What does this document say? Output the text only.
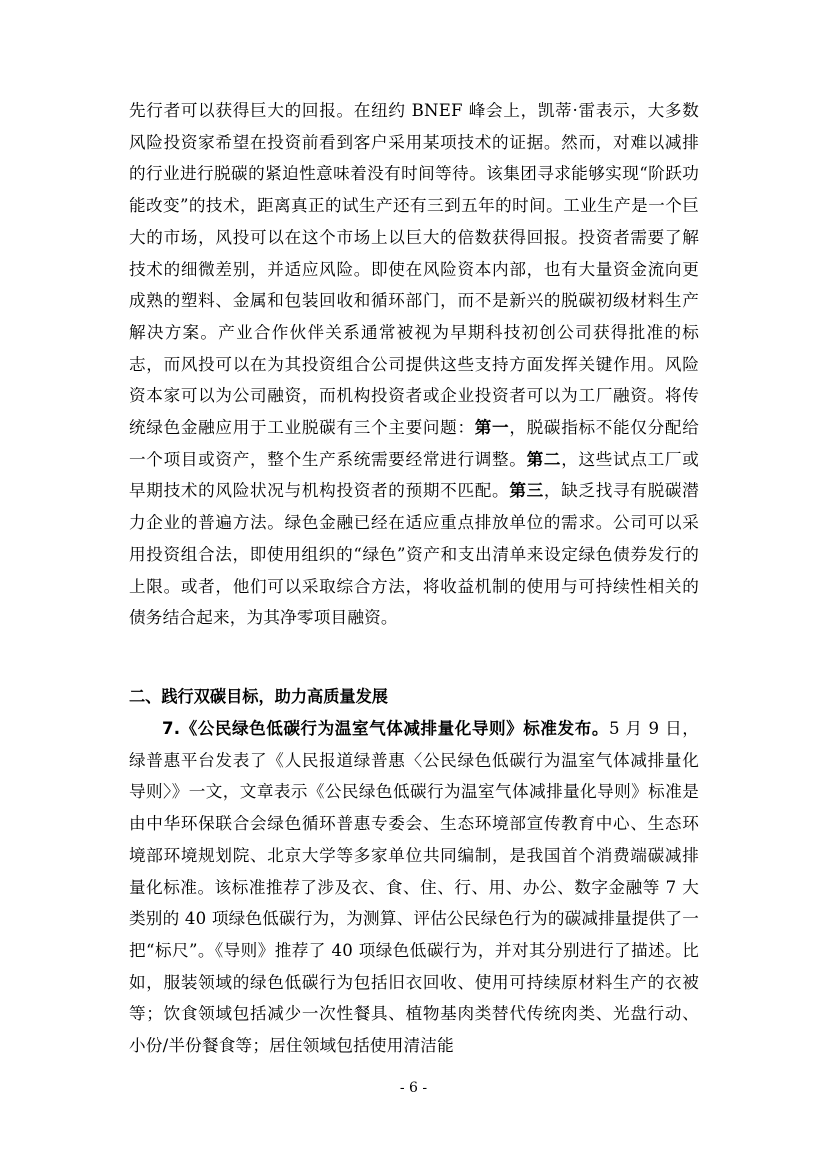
先行者可以获得巨大的回报。在纽约 BNEF 峰会上，凯蒂·雷表示，大多数风险投资家希望在投资前看到客户采用某项技术的证据。然而，对难以减排的行业进行脱碳的紧迫性意味着没有时间等待。该集团寻求能够实现“阶跃功能改变”的技术，距离真正的试生产还有三到五年的时间。工业生产是一个巨大的市场，风投可以在这个市场上以巨大的倍数获得回报。投资者需要了解技术的细微差别，并适应风险。即使在风险资本内部，也有大量资金流向更成熟的塑料、金属和包装回收和循环部门，而不是新兴的脱碳初级材料生产解决方案。产业合作伙伴关系通常被视为早期科技初创公司获得批准的标志，而风投可以在为其投资组合公司提供这些支持方面发挥关键作用。风险资本家可以为公司融资，而机构投资者或企业投资者可以为工厂融资。将传统绿色金融应用于工业脱碳有三个主要问题：第一，脱碳指标不能仅分配给一个项目或资产，整个生产系统需要经常进行调整。第二，这些试点工厂或早期技术的风险状况与机构投资者的预期不匹配。第三，缺乏找寻有脱碳潜力企业的普遍方法。绿色金融已经在适应重点排放单位的需求。公司可以采用投资组合法，即使用组织的“绿色”资产和支出清单来设定绿色债券发行的上限。或者，他们可以采取综合方法，将收益机制的使用与可持续性相关的债务结合起来，为其净零项目融资。

二、践行双碳目标，助力高质量发展

7.《公民绿色低碳行为温室气体减排量化导则》标准发布。5 月 9 日，绿普惠平台发表了《人民报道绿普惠〈公民绿色低碳行为温室气体减排量化导则〉》一文，文章表示《公民绿色低碳行为温室气体减排量化导则》标准是由中华环保联合会绿色循环普惠专委会、生态环境部宣传教育中心、生态环境部环境规划院、北京大学等多家单位共同编制，是我国首个消费端碳减排量化标准。该标准推荐了涉及衣、食、住、行、用、办公、数字金融等 7 大类别的 40 项绿色低碳行为，为测算、评估公民绿色行为的碳减排量提供了一把“标尺”。《导则》推荐了 40 项绿色低碳行为，并对其分别进行了描述。比如，服装领域的绿色低碳行为包括旧衣回收、使用可持续原材料生产的衣被等；饮食领域包括减少一次性餐具、植物基肉类替代传统肉类、光盘行动、小份/半份餐食等；居住领域包括使用清洁能

- 6 -
